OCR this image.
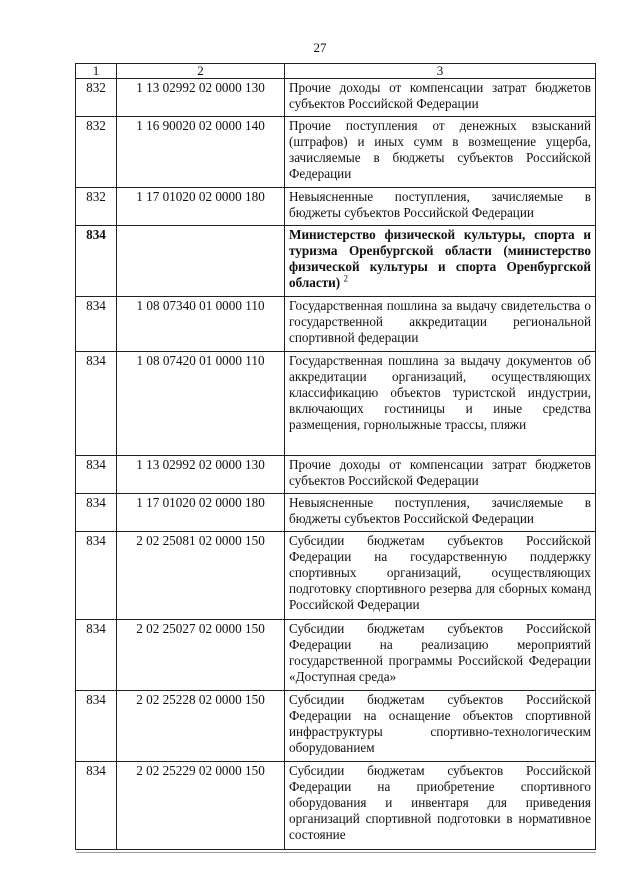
27
1	2	3
832	1 13 02992 02 0000 130	Прочие доходы от компенсации затрат бюджетов субъектов Российской Федерации
832	1 16 90020 02 0000 140	Прочие поступления от денежных взысканий (штрафов) и иных сумм в возмещение ущерба, зачисляемые в бюджеты субъектов Российской Федерации
832	1 17 01020 02 0000 180	Невыясненные поступления, зачисляемые в бюджеты субъектов Российской Федерации
834		Министерство физической культуры, спорта и туризма Оренбургской области (министерство физической культуры и спорта Оренбургской области) $^2$
834	1 08 07340 01 0000 110	Государственная пошлина за выдачу свидетельства о государственной аккредитации региональной спортивной федерации
834	1 08 07420 01 0000 110	Государственная пошлина за выдачу документов об аккредитации организаций, осуществляющих классификацию объектов туристской индустрии, включающих гостиницы и иные средства размещения, горнолыжные трассы, пляжи
834	1 13 02992 02 0000 130	Прочие доходы от компенсации затрат бюджетов субъектов Российской Федерации
834	1 17 01020 02 0000 180	Невыясненные поступления, зачисляемые в бюджеты субъектов Российской Федерации
834	2 02 25081 02 0000 150	Субсидии бюджетам субъектов Российской Федерации на государственную поддержку спортивных организаций, осуществляющих подготовку спортивного резерва для сборных команд Российской Федерации
834	2 02 25027 02 0000 150	Субсидии бюджетам субъектов Российской Федерации на реализацию мероприятий государственной программы Российской Федерации «Доступная среда»
834	2 02 25228 02 0000 150	Субсидии бюджетам субъектов Российской Федерации на оснащение объектов спортивной инфраструктуры спортивно-технологическим оборудованием
834	2 02 25229 02 0000 150	Субсидии бюджетам субъектов Российской Федерации на приобретение спортивного оборудования и инвентаря для приведения организаций спортивной подготовки в нормативное состояние
